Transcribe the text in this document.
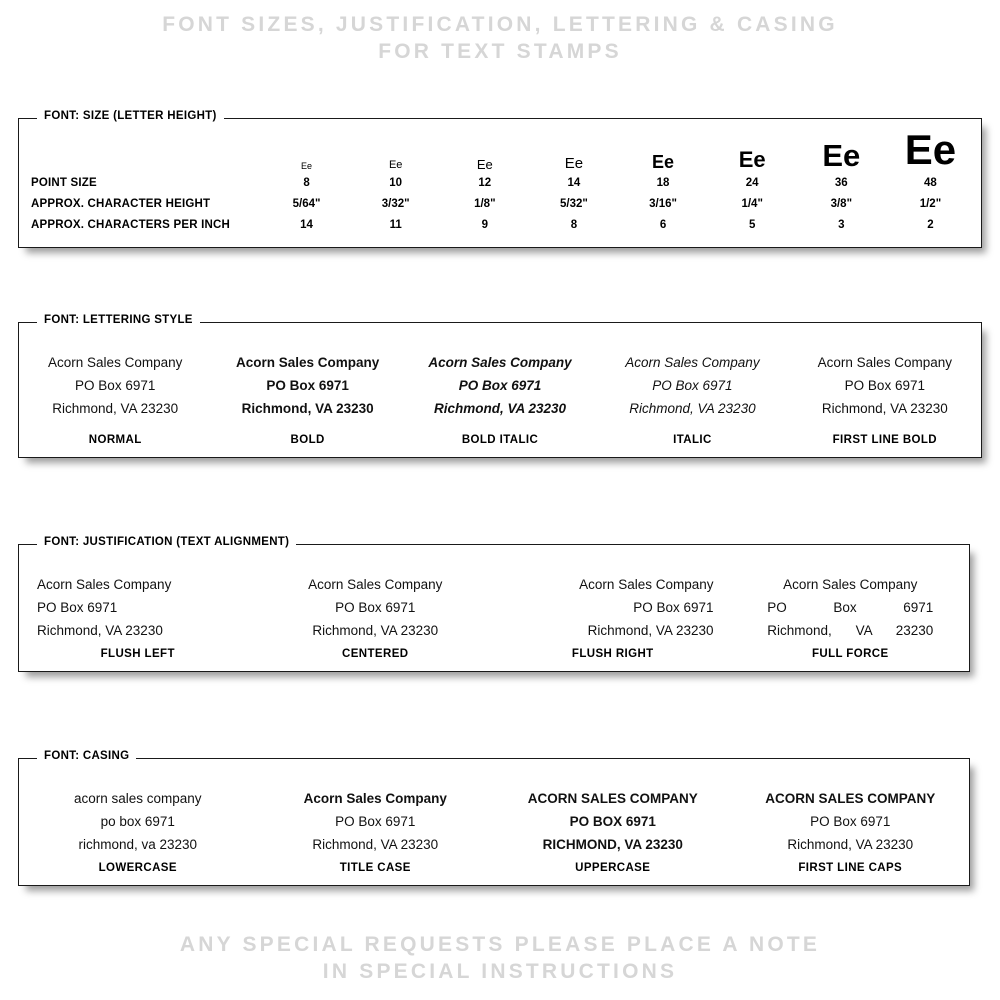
FONT SIZES, JUSTIFICATION, LETTERING & CASING
FOR TEXT STAMPS
FONT: SIZE (LETTER HEIGHT)
POINT SIZE
APPROX. CHARACTER HEIGHT
APPROX. CHARACTERS PER INCH
Ee
8
5/64"
14
Ee
10
3/32"
11
Ee
12
1/8"
9
Ee
14
5/32"
8
Ee
18
3/16"
6
Ee
24
1/4"
5
Ee
36
3/8"
3
Ee
48
1/2"
2
FONT: LETTERING STYLE
Acorn Sales Company
PO Box 6971
Richmond, VA 23230
NORMAL
Acorn Sales Company
PO Box 6971
Richmond, VA 23230
BOLD
Acorn Sales Company
PO Box 6971
Richmond, VA 23230
BOLD ITALIC
Acorn Sales Company
PO Box 6971
Richmond, VA 23230
ITALIC
Acorn Sales Company
PO Box 6971
Richmond, VA 23230
FIRST LINE BOLD
FONT: JUSTIFICATION (TEXT ALIGNMENT)
Acorn Sales Company
PO Box 6971
Richmond, VA 23230
FLUSH LEFT
Acorn Sales Company
PO Box 6971
Richmond, VA 23230
CENTERED
Acorn Sales Company
PO Box 6971
Richmond, VA 23230
FLUSH RIGHT
Acorn Sales Company
PO Box 6971
Richmond, VA 23230
FULL FORCE
FONT: CASING
acorn sales company
po box 6971
richmond, va 23230
LOWERCASE
Acorn Sales Company
PO Box 6971
Richmond, VA 23230
TITLE CASE
ACORN SALES COMPANY
PO BOX 6971
RICHMOND, VA 23230
UPPERCASE
ACORN SALES COMPANY
PO Box 6971
Richmond, VA 23230
FIRST LINE CAPS
ANY SPECIAL REQUESTS PLEASE PLACE A NOTE
IN SPECIAL INSTRUCTIONS
